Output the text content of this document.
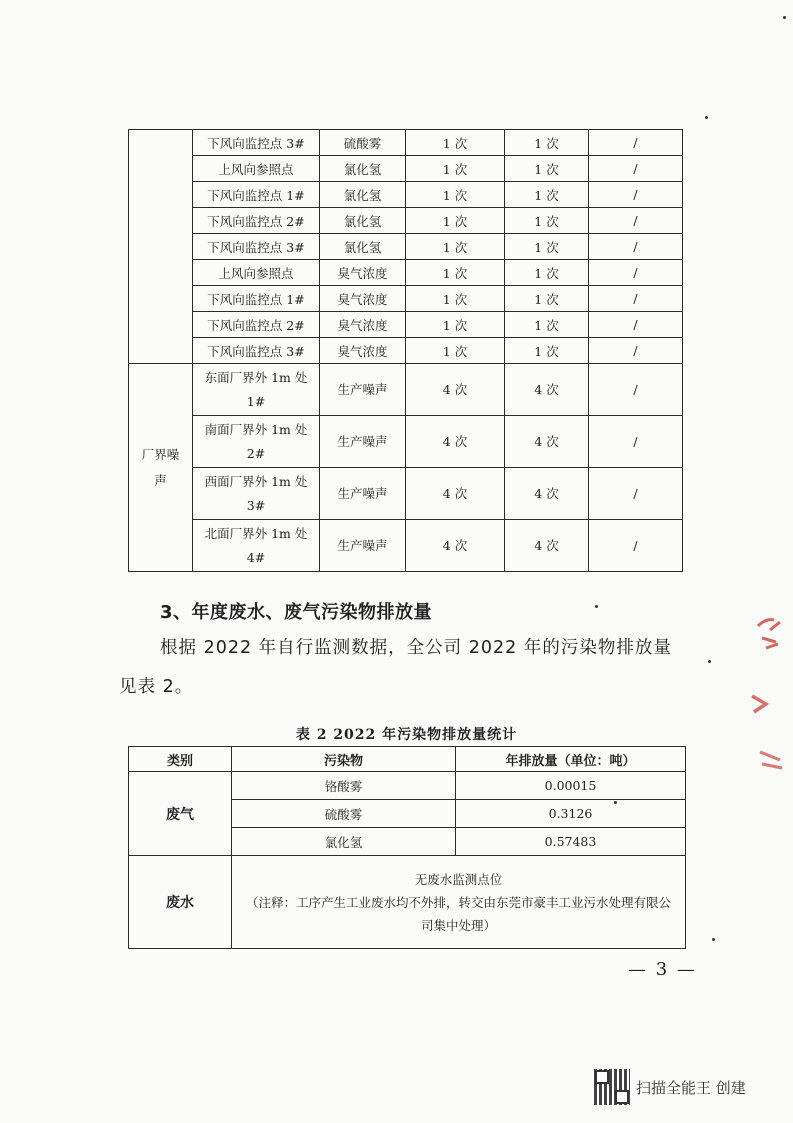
	下风向监控点 3#	硫酸雾	1 次	1 次	/
	上风向参照点	氯化氢	1 次	1 次	/
	下风向监控点 1#	氯化氢	1 次	1 次	/
	下风向监控点 2#	氯化氢	1 次	1 次	/
	下风向监控点 3#	氯化氢	1 次	1 次	/
	上风向参照点	臭气浓度	1 次	1 次	/
	下风向监控点 1#	臭气浓度	1 次	1 次	/
	下风向监控点 2#	臭气浓度	1 次	1 次	/
	下风向监控点 3#	臭气浓度	1 次	1 次	/
厂界噪声	东面厂界外 1m 处 1#	生产噪声	4 次	4 次	/
	南面厂界外 1m 处 2#	生产噪声	4 次	4 次	/
	西面厂界外 1m 处 3#	生产噪声	4 次	4 次	/
	北面厂界外 1m 处 4#	生产噪声	4 次	4 次	/
3、年度废水、废气污染物排放量
根据 2022 年自行监测数据，全公司 2022 年的污染物排放量
见表 2。
表 2 2022 年污染物排放量统计
类别	污染物	年排放量（单位：吨）
废气	铬酸雾	0.00015
	硫酸雾	0.3126
	氯化氢	0.57483
废水	无废水监测点位
（注释：工序产生工业废水均不外排，转交由东莞市豪丰工业污水处理有限公司集中处理）	
— 3 —
扫描全能王 创建
